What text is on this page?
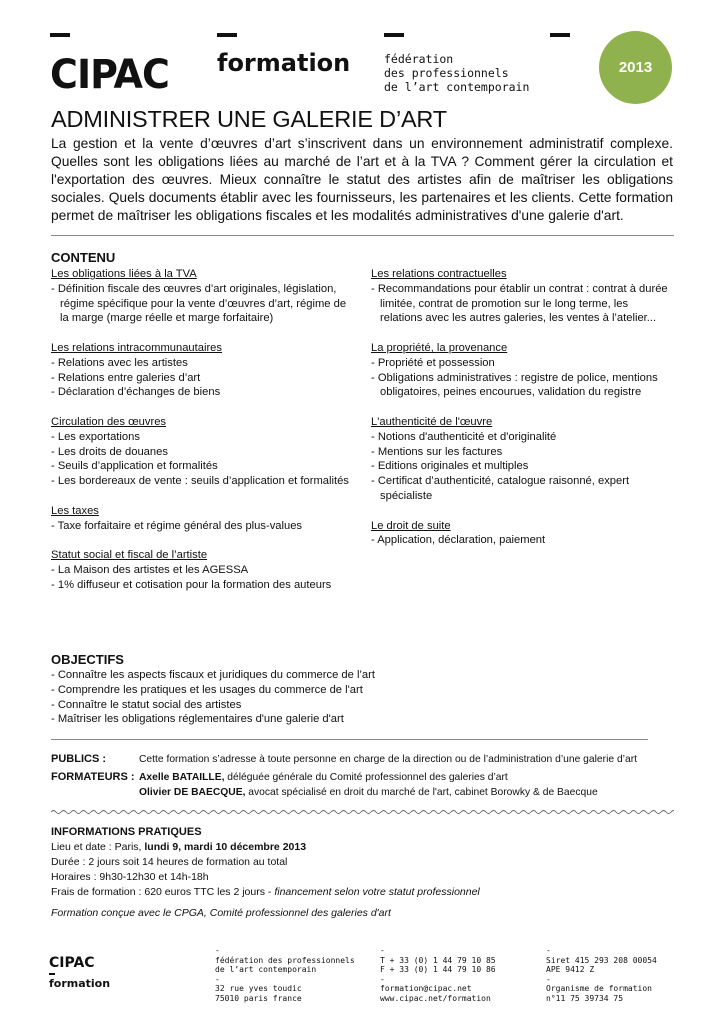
CIPAC formation	fédération
des professionnels
de l’art contemporain
2013
ADMINISTRER UNE GALERIE D’ART
La gestion et la vente d’œuvres d’art s’inscrivent dans un environnement administratif complexe. Quelles sont les obligations liées au marché de l’art et à la TVA ? Comment gérer la circulation et l'exportation des œuvres. Mieux connaître le statut des artistes afin de maîtriser les obligations sociales. Quels documents établir avec les fournisseurs, les partenaires et les clients. Cette formation permet de maîtriser les obligations fiscales et les modalités administratives d'une galerie d'art.
CONTENU
Les obligations liées à la TVA
- Définition fiscale des œuvres d’art originales, législation, régime spécifique pour la vente d’œuvres d’art, régime de la marge (marge réelle et marge forfaitaire)
Les relations intracommunautaires
- Relations avec les artistes
- Relations entre galeries d’art
- Déclaration d’échanges de biens
Circulation des œuvres
- Les exportations
- Les droits de douanes
- Seuils d’application et formalités
- Les bordereaux de vente : seuils d’application et formalités
Les taxes
- Taxe forfaitaire et régime général des plus-values
Statut social et fiscal de l’artiste
- La Maison des artistes et les AGESSA
- 1% diffuseur et cotisation pour la formation des auteurs
Les relations contractuelles
- Recommandations pour établir un contrat : contrat à durée limitée, contrat de promotion sur le long terme, les relations avec les autres galeries, les ventes à l’atelier...
La propriété, la provenance
- Propriété et possession
- Obligations administratives : registre de police, mentions obligatoires, peines encourues, validation du registre
L'authenticité de l'œuvre
- Notions d'authenticité et d'originalité
- Mentions sur les factures
- Editions originales et multiples
- Certificat d’authenticité, catalogue raisonné, expert spécialiste
Le droit de suite
- Application, déclaration, paiement
OBJECTIFS
- Connaître les aspects fiscaux et juridiques du commerce de l’art
- Comprendre les pratiques et les usages du commerce de l'art
- Connaître le statut social des artistes
- Maîtriser les obligations réglementaires d'une galerie d'art
PUBLICS :	Cette formation s’adresse à toute personne en charge de la direction ou de l’administration d’une galerie d’art
FORMATEURS : Axelle BATAILLE, déléguée générale du Comité professionnel des galeries d’art
Olivier DE BAECQUE, avocat spécialisé en droit du marché de l'art, cabinet Borowky & de Baecque
INFORMATIONS PRATIQUES
Lieu et date : Paris, lundi 9, mardi 10 décembre 2013
Durée : 2 jours soit 14 heures de formation au total
Horaires : 9h30-12h30 et 14h-18h
Frais de formation : 620 euros TTC les 2 jours - financement selon votre statut professionnel
Formation conçue avec le CPGA, Comité professionnel des galeries d'art
CIPAC
formation
-
fédération des professionnels
de l’art contemporain
-
32 rue yves toudic
75010 paris france
-
T + 33 (0) 1 44 79 10 85
F + 33 (0) 1 44 79 10 86
-
formation@cipac.net
www.cipac.net/formation
-
Siret 415 293 208 00054
APE 9412 Z
-
Organisme de formation
n°11 75 39734 75
